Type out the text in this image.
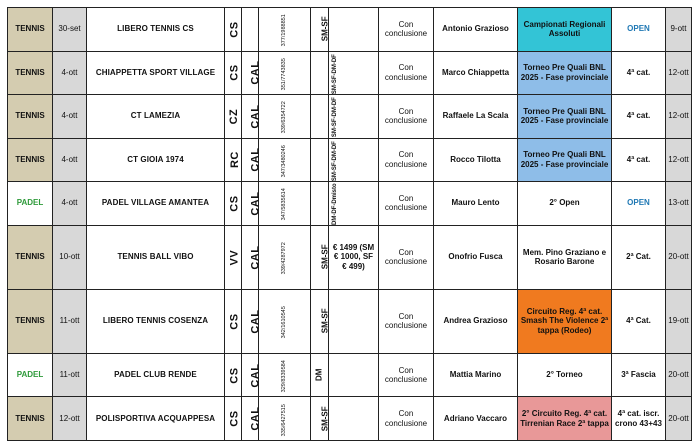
TENNIS	30-set	LIBERO TENNIS CS	CS		377/1988851	SM-SF		Con conclusione	Antonio Grazioso	Campionati Regionali Assoluti	OPEN	9-ott
TENNIS	4-ott	CHIAPPETTA SPORT VILLAGE	CS	CAL	351/7743835	SM-SF-DM-DF		Con conclusione	Marco Chiappetta	Torneo Pre Quali BNL 2025 - Fase provinciale	4ª cat.	12-ott
TENNIS	4-ott	CT LAMEZIA	CZ	CAL	339/6354722	SM-SF-DM-DF		Con conclusione	Raffaele La Scala	Torneo Pre Quali BNL 2025 - Fase provinciale	4ª cat.	12-ott
TENNIS	4-ott	CT GIOIA 1974	RC	CAL	347/3480246	SM-SF-DM-DF		Con conclusione	Rocco Tilotta	Torneo Pre Quali BNL 2025 - Fase provinciale	4ª cat.	12-ott
PADEL	4-ott	PADEL VILLAGE AMANTEA	CS	CAL	347/5835614	DM-DF-Dmisto		Con conclusione	Mauro Lento	2° Open	OPEN	13-ott
TENNIS	10-ott	TENNIS BALL VIBO	VV	CAL	339/4287972	SM-SF	€ 1499 (SM € 1000, SF € 499)	Con conclusione	Onofrio Fusca	Mem. Pino Graziano e Rosario Barone	2ª Cat.	20-ott
TENNIS	11-ott	LIBERO TENNIS COSENZA	CS	CAL	342/1610545	SM-SF		Con conclusione	Andrea Grazioso	Circuito Reg. 4ª cat. Smash The Violence 2ª tappa (Rodeo)	4ª Cat.	19-ott
PADEL	11-ott	PADEL CLUB RENDE	CS	CAL	329/8339584	DM		Con conclusione	Mattia Marino	2° Torneo	3ª Fascia	20-ott
TENNIS	12-ott	POLISPORTIVA ACQUAPPESA	CS	CAL	335/6427515	SM-SF		Con conclusione	Adriano Vaccaro	2° Circuito Reg. 4ª cat. Tirrenian Race 2ª tappa	4ª cat. iscr. crono 43+43	20-ott
